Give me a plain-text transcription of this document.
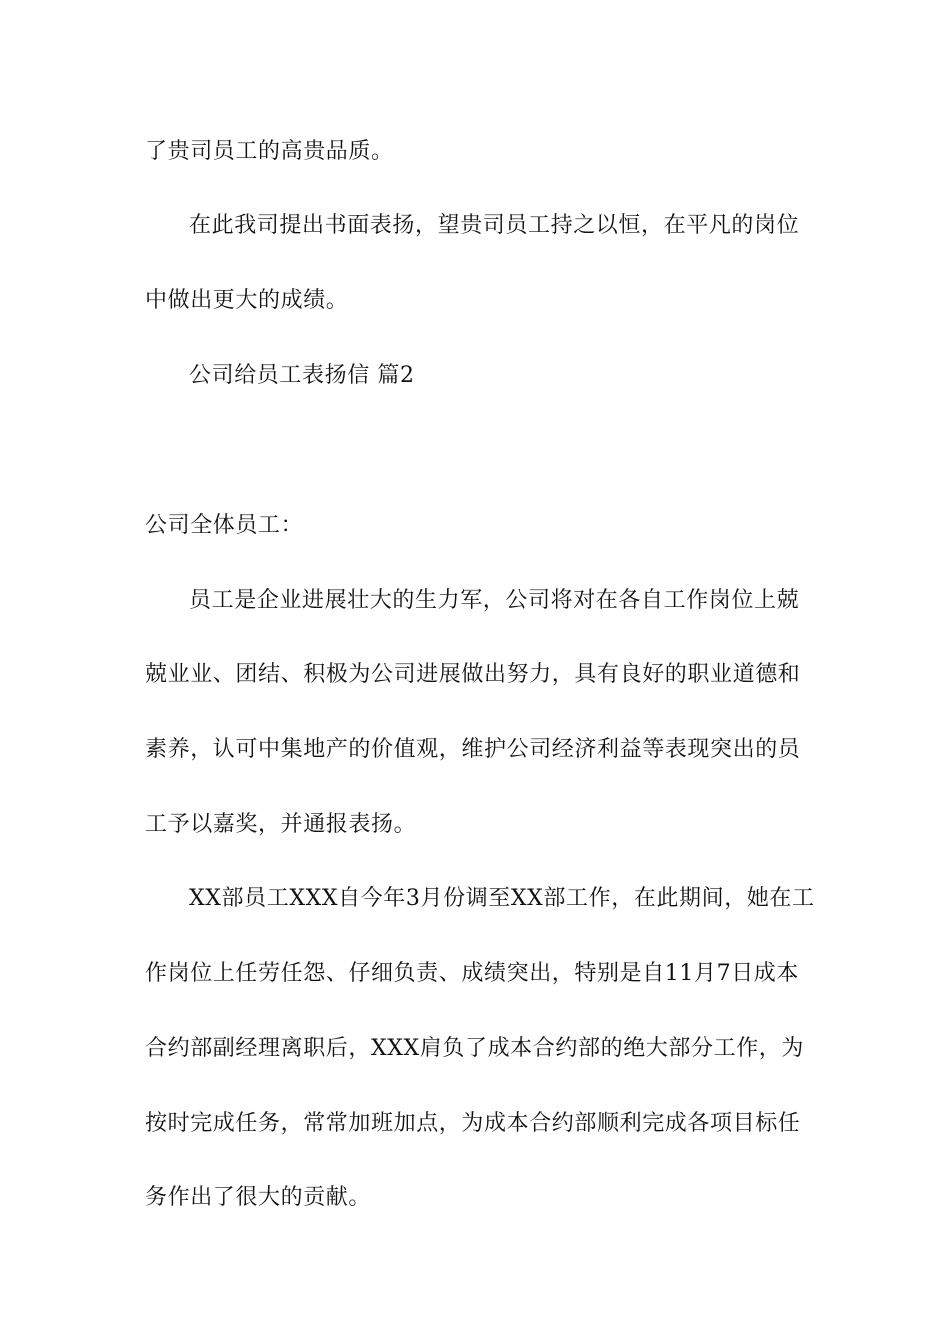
了贵司员工的高贵品质。
在此我司提出书面表扬，望贵司员工持之以恒，在平凡的岗位
中做出更大的成绩。
公司给员工表扬信 篇2
公司全体员工：
员工是企业进展壮大的生力军，公司将对在各自工作岗位上兢
兢业业、团结、积极为公司进展做出努力，具有良好的职业道德和
素养，认可中集地产的价值观，维护公司经济利益等表现突出的员
工予以嘉奖，并通报表扬。
XX部员工XXX自今年3月份调至XX部工作，在此期间，她在工
作岗位上任劳任怨、仔细负责、成绩突出，特别是自11月7日成本
合约部副经理离职后，XXX肩负了成本合约部的绝大部分工作，为
按时完成任务，常常加班加点，为成本合约部顺利完成各项目标任
务作出了很大的贡献。
